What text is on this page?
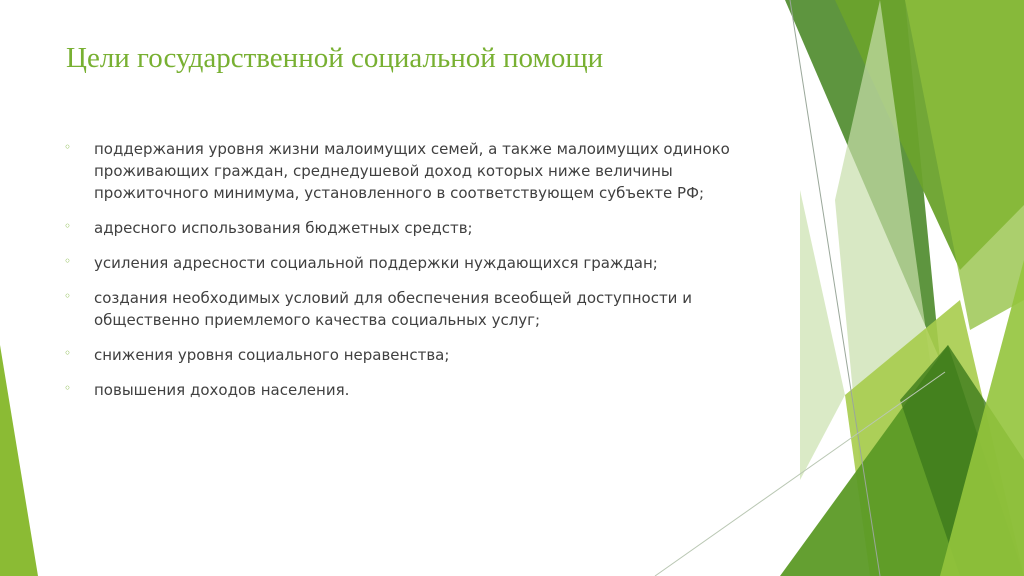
Цели государственной социальной помощи
◦ поддержания уровня жизни малоимущих семей, а также малоимущих одиноко проживающих граждан, среднедушевой доход которых ниже величины прожиточного минимума, установленного в соответствующем субъекте РФ;
◦ адресного использования бюджетных средств;
◦ усиления адресности социальной поддержки нуждающихся граждан;
◦ создания необходимых условий для обеспечения всеобщей доступности и общественно приемлемого качества социальных услуг;
◦ снижения уровня социального неравенства;
◦ повышения доходов населения.
